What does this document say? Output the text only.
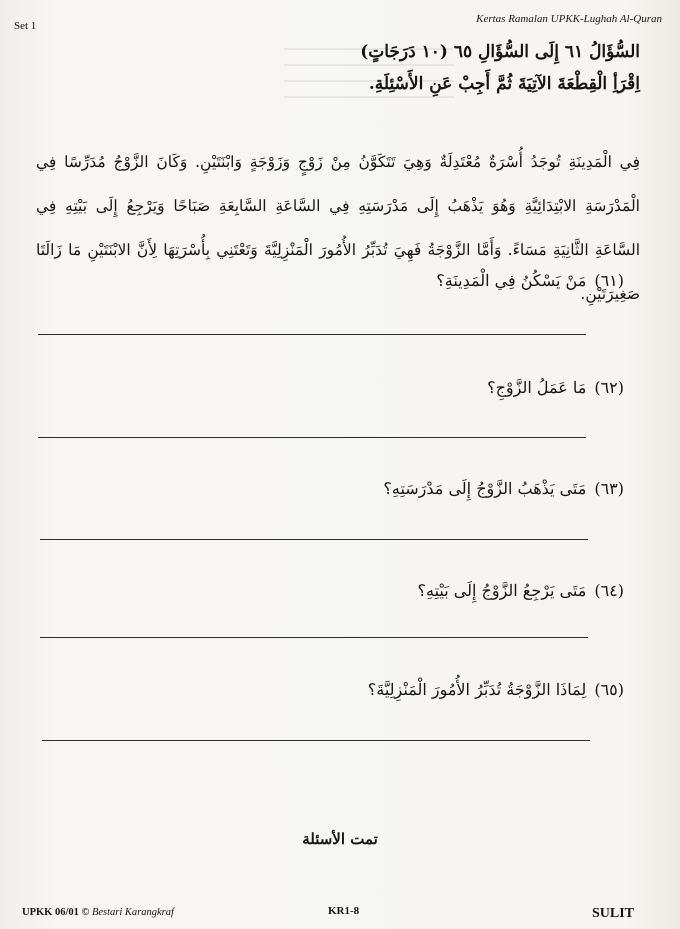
Set 1
Kertas Ramalan UPKK-Lughah Al-Quran
السُّؤَالُ ٦١ إِلَى السُّؤَالِ ٦٥ (١٠ دَرَجَاتٍ)
اِقْرَأِ الْقِطْعَةَ الآتِيَةَ ثُمَّ أَجِبْ عَنِ الأَسْئِلَةِ.
فِي الْمَدِينَةِ تُوجَدُ أُسْرَةٌ مُعْتَدِلَةٌ وَهِيَ تَتَكَوَّنُ مِنْ زَوْجٍ وَزَوْجَةٍ وَابْنَتَيْنِ. وَكَانَ الزَّوْجُ مُدَرِّسًا فِي الْمَدْرَسَةِ الابْتِدَائِيَّةِ وَهُوَ يَذْهَبُ إِلَى مَدْرَسَتِهِ فِي السَّاعَةِ السَّابِعَةِ صَبَاحًا وَيَرْجِعُ إِلَى بَيْتِهِ فِي السَّاعَةِ الثَّانِيَةِ مَسَاءً. وَأَمَّا الزَّوْجَةُ فَهِيَ تُدَبِّرُ الأُمُورَ الْمَنْزِلِيَّةَ وَتَعْتَنِي بِأُسْرَتِهَا لِأَنَّ الابْنَتَيْنِ مَا زَالَتَا صَغِيرَتَيْنِ.
(٦١)مَنْ يَسْكُنُ فِي الْمَدِينَةِ؟
(٦٢)مَا عَمَلُ الزَّوْجِ؟
(٦٣)مَتَى يَذْهَبُ الزَّوْجُ إِلَى مَدْرَسَتِهِ؟
(٦٤)مَتَى يَرْجِعُ الزَّوْجُ إِلَى بَيْتِهِ؟
(٦٥)لِمَاذَا الزَّوْجَةُ تُدَبِّرُ الأُمُورَ الْمَنْزِلِيَّةَ؟
تمت الأسئلة
UPKK 06/01 © Bestari Karangkraf	KR1-8	SULIT
